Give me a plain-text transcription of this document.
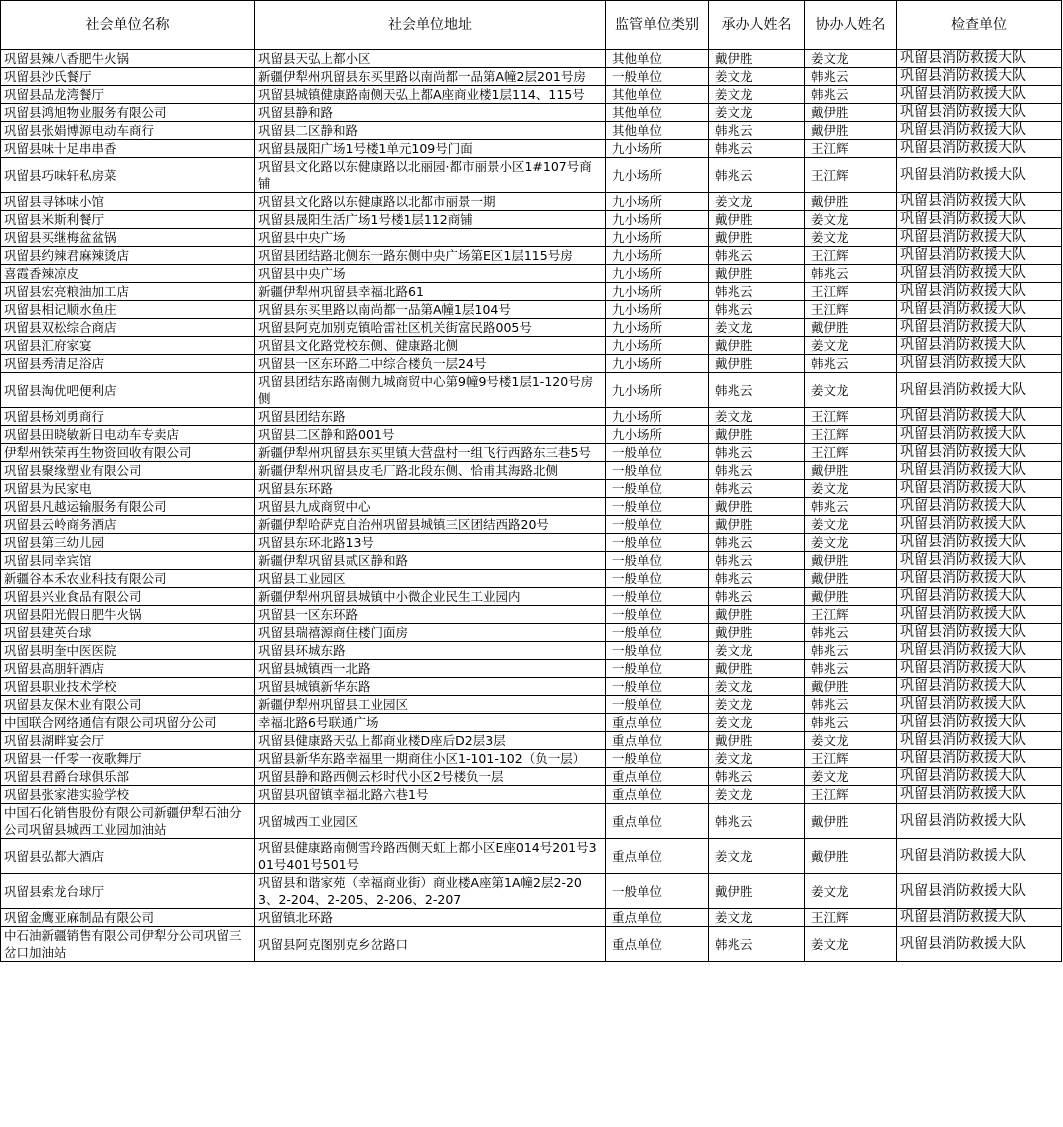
社会单位名称	社会单位地址	监管单位类别	承办人姓名	协办人姓名	检查单位
巩留县辣八香肥牛火锅	巩留县天弘上都小区	其他单位	戴伊胜	姜文龙	巩留县消防救援大队
巩留县沙氏餐厅	新疆伊犁州巩留县东买里路以南尚都一品第A幢2层201号房	一般单位	姜文龙	韩兆云	巩留县消防救援大队
巩留县品龙湾餐厅	巩留县城镇健康路南侧天弘上都A座商业楼1层114、115号	其他单位	姜文龙	韩兆云	巩留县消防救援大队
巩留县鸿旭物业服务有限公司	巩留县静和路	其他单位	姜文龙	戴伊胜	巩留县消防救援大队
巩留县张娟博源电动车商行	巩留县二区静和路	其他单位	韩兆云	戴伊胜	巩留县消防救援大队
巩留县味十足串串香	巩留县晟阳广场1号楼1单元109号门面	九小场所	韩兆云	王江辉	巩留县消防救援大队
巩留县巧味轩私房菜	巩留县文化路以东健康路以北丽园·都市丽景小区1#107号商铺	九小场所	韩兆云	王江辉	巩留县消防救援大队
巩留县寻钵味小馆	巩留县文化路以东健康路以北都市丽景一期	九小场所	姜文龙	戴伊胜	巩留县消防救援大队
巩留县米斯利餐厅	巩留县晟阳生活广场1号楼1层112商铺	九小场所	戴伊胜	姜文龙	巩留县消防救援大队
巩留县买继梅盆盆锅	巩留县中央广场	九小场所	戴伊胜	姜文龙	巩留县消防救援大队
巩留县约辣君麻辣烫店	巩留县团结路北侧东一路东侧中央广场第E区1层115号房	九小场所	韩兆云	王江辉	巩留县消防救援大队
喜霞香辣凉皮	巩留县中央广场	九小场所	戴伊胜	韩兆云	巩留县消防救援大队
巩留县宏亮粮油加工店	新疆伊犁州巩留县幸福北路61	九小场所	韩兆云	王江辉	巩留县消防救援大队
巩留县相记顺水鱼庄	巩留县东买里路以南尚都一品第A幢1层104号	九小场所	韩兆云	王江辉	巩留县消防救援大队
巩留县双松综合商店	巩留县阿克加别克镇哈雷社区机关街富民路005号	九小场所	姜文龙	戴伊胜	巩留县消防救援大队
巩留县汇府家宴	巩留县文化路党校东侧、健康路北侧	九小场所	戴伊胜	姜文龙	巩留县消防救援大队
巩留县秀清足浴店	巩留县一区东环路二中综合楼负一层24号	九小场所	戴伊胜	韩兆云	巩留县消防救援大队
巩留县淘优吧便利店	巩留县团结东路南侧九城商贸中心第9幢9号楼1层1-120号房侧	九小场所	韩兆云	姜文龙	巩留县消防救援大队
巩留县杨刘勇商行	巩留县团结东路	九小场所	姜文龙	王江辉	巩留县消防救援大队
巩留县田晓敏新日电动车专卖店	巩留县二区静和路001号	九小场所	戴伊胜	王江辉	巩留县消防救援大队
伊犁州铁荣再生物资回收有限公司	新疆伊犁州巩留县东买里镇大营盘村一组飞行西路东三巷5号	一般单位	韩兆云	王江辉	巩留县消防救援大队
巩留县聚缘塑业有限公司	新疆伊犁州巩留县皮毛厂路北段东侧、恰甫其海路北侧	一般单位	韩兆云	戴伊胜	巩留县消防救援大队
巩留县为民家电	巩留县东环路	一般单位	韩兆云	姜文龙	巩留县消防救援大队
巩留县凡越运输服务有限公司	巩留县九成商贸中心	一般单位	戴伊胜	韩兆云	巩留县消防救援大队
巩留县云岭商务酒店	新疆伊犁哈萨克自治州巩留县城镇三区团结西路20号	一般单位	戴伊胜	姜文龙	巩留县消防救援大队
巩留县第三幼儿园	巩留县东环北路13号	一般单位	韩兆云	姜文龙	巩留县消防救援大队
巩留县同幸宾馆	新疆伊犁巩留县贰区静和路	一般单位	韩兆云	戴伊胜	巩留县消防救援大队
新疆谷本禾农业科技有限公司	巩留县工业园区	一般单位	韩兆云	戴伊胜	巩留县消防救援大队
巩留县兴业食品有限公司	新疆伊犁州巩留县城镇中小微企业民生工业园内	一般单位	韩兆云	戴伊胜	巩留县消防救援大队
巩留县阳光假日肥牛火锅	巩留县一区东环路	一般单位	戴伊胜	王江辉	巩留县消防救援大队
巩留县建英台球	巩留县瑞禧源商住楼门面房	一般单位	戴伊胜	韩兆云	巩留县消防救援大队
巩留县明奎中医医院	巩留县环城东路	一般单位	姜文龙	韩兆云	巩留县消防救援大队
巩留县高朋轩酒店	巩留县城镇西一北路	一般单位	戴伊胜	韩兆云	巩留县消防救援大队
巩留县职业技术学校	巩留县城镇新华东路	一般单位	姜文龙	戴伊胜	巩留县消防救援大队
巩留县友保木业有限公司	新疆伊犁州巩留县工业园区	一般单位	姜文龙	韩兆云	巩留县消防救援大队
中国联合网络通信有限公司巩留分公司	幸福北路6号联通广场	重点单位	姜文龙	韩兆云	巩留县消防救援大队
巩留县湖畔宴会厅	巩留县健康路天弘上都商业楼D座后D2层3层	重点单位	戴伊胜	姜文龙	巩留县消防救援大队
巩留县一仟零一夜歌舞厅	巩留县新华东路幸福里一期商住小区1-101-102（负一层）	一般单位	姜文龙	王江辉	巩留县消防救援大队
巩留县君爵台球俱乐部	巩留县静和路西侧云杉时代小区2号楼负一层	重点单位	韩兆云	姜文龙	巩留县消防救援大队
巩留县张家港实验学校	巩留县巩留镇幸福北路六巷1号	重点单位	姜文龙	王江辉	巩留县消防救援大队
中国石化销售股份有限公司新疆伊犁石油分公司巩留县城西工业园加油站	巩留城西工业园区	重点单位	韩兆云	戴伊胜	巩留县消防救援大队
巩留县弘都大酒店	巩留县健康路南侧雪玲路西侧天虹上都小区E座014号201号301号401号501号	重点单位	姜文龙	戴伊胜	巩留县消防救援大队
巩留县索龙台球厅	巩留县和谐家苑（幸福商业街）商业楼A座第1A幢2层2-203、2-204、2-205、2-206、2-207	一般单位	戴伊胜	姜文龙	巩留县消防救援大队
巩留金鹰亚麻制品有限公司	巩留镇北环路	重点单位	姜文龙	王江辉	巩留县消防救援大队
中石油新疆销售有限公司伊犁分公司巩留三岔口加油站	巩留县阿克图别克乡岔路口	重点单位	韩兆云	姜文龙	巩留县消防救援大队
